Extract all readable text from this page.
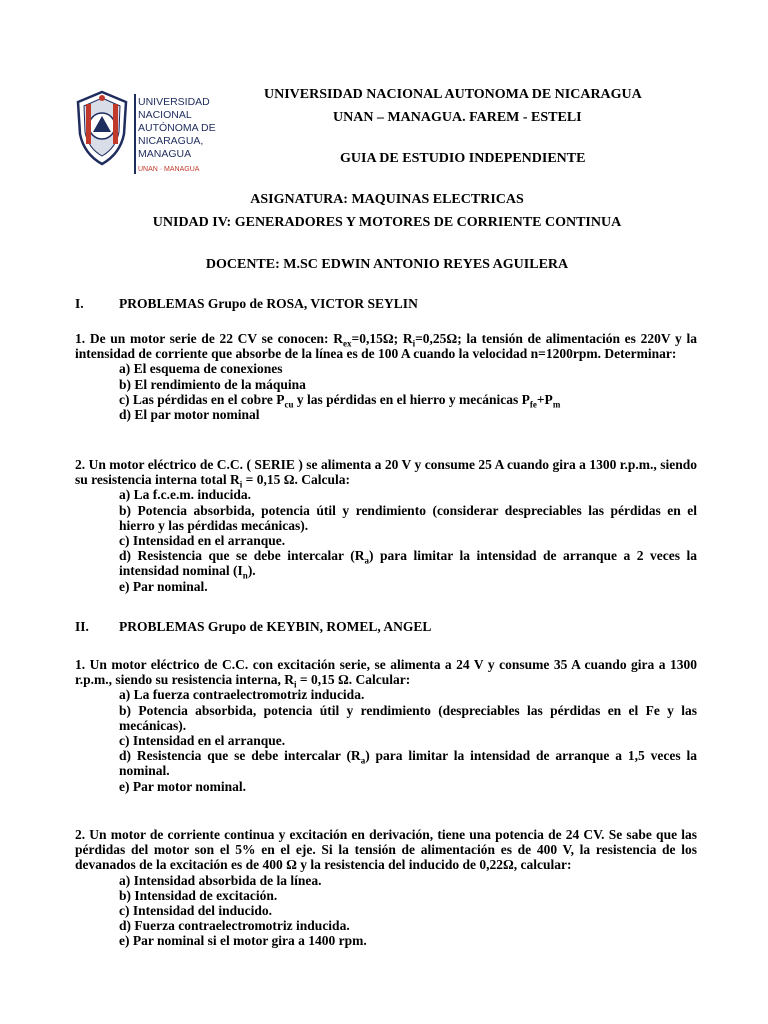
UNIVERSIDAD
NACIONAL
AUTÓNOMA DE
NICARAGUA,
MANAGUA
UNAN · MANAGUA
UNIVERSIDAD NACIONAL AUTONOMA DE NICARAGUA
UNAN – MANAGUA. FAREM - ESTELI
GUIA DE ESTUDIO INDEPENDIENTE
ASIGNATURA: MAQUINAS ELECTRICAS
UNIDAD IV: GENERADORES Y MOTORES DE CORRIENTE CONTINUA
DOCENTE: M.SC EDWIN ANTONIO REYES AGUILERA
I.	PROBLEMAS Grupo de ROSA, VICTOR SEYLIN

1. De un motor serie de 22 CV se conocen: $R_{ex}=0,15\Omega$; $R_i=0,25\Omega$; la tensión de alimentación es 220V y la intensidad de corriente que absorbe de la línea es de 100 A cuando la velocidad n=1200rpm. Determinar:

a) El esquema de conexiones
b) El rendimiento de la máquina
c) Las pérdidas en el cobre $P_{cu}$ y las pérdidas en el hierro y mecánicas $P_{fe}+P_m$
d) El par motor nominal

2. Un motor eléctrico de C.C. ( SERIE ) se alimenta a 20 V y consume 25 A cuando gira a 1300 r.p.m., siendo su resistencia interna total $R_i = 0,15$ Ω. Calcula:

a) La f.c.e.m. inducida.
b) Potencia absorbida, potencia útil y rendimiento (considerar despreciables las pérdidas en el hierro y las pérdidas mecánicas).
c) Intensidad en el arranque.
d) Resistencia que se debe intercalar $(R_a)$ para limitar la intensidad de arranque a 2 veces la intensidad nominal $(I_n)$.
e) Par nominal.
II. PROBLEMAS Grupo de KEYBIN, ROMEL, ANGEL

1. Un motor eléctrico de C.C. con excitación serie, se alimenta a 24 V y consume 35 A cuando gira a 1300 r.p.m., siendo su resistencia interna, $R_i = 0,15$ Ω. Calcular:

a) La fuerza contraelectromotriz inducida.
b) Potencia absorbida, potencia útil y rendimiento (despreciables las pérdidas en el Fe y las mecánicas).
c) Intensidad en el arranque.
d) Resistencia que se debe intercalar $(R_a)$ para limitar la intensidad de arranque a 1,5 veces la nominal.
e) Par motor nominal.

2. Un motor de corriente continua y excitación en derivación, tiene una potencia de 24 CV. Se sabe que las pérdidas del motor son el 5% en el eje. Si la tensión de alimentación es de 400 V, la resistencia de los devanados de la excitación es de 400 Ω y la resistencia del inducido de 0,22Ω, calcular:

a) Intensidad absorbida de la línea.
b) Intensidad de excitación.
c) Intensidad del inducido.
d) Fuerza contraelectromotriz inducida.
e) Par nominal si el motor gira a 1400 rpm.
